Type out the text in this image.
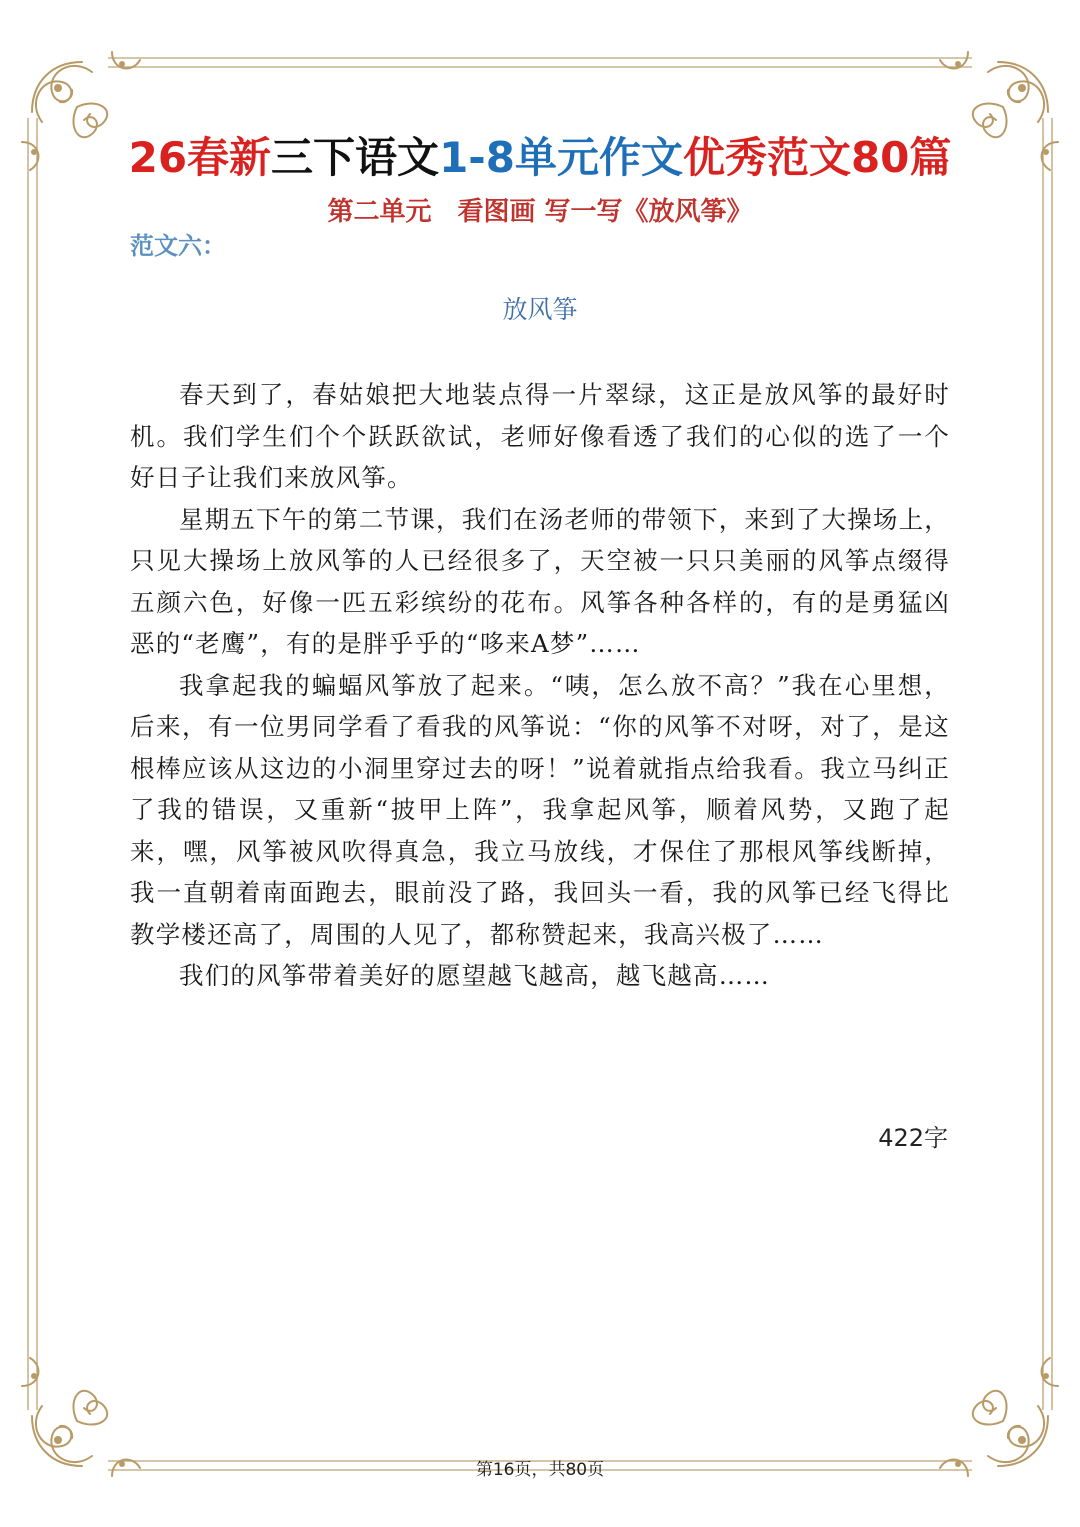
26春新三下语文1-8单元作文优秀范文80篇
第二单元　看图画 写一写《放风筝》
范文六：
放风筝

春天到了，春姑娘把大地装点得一片翠绿，这正是放风筝的最好时机。我们学生们个个跃跃欲试，老师好像看透了我们的心似的选了一个好日子让我们来放风筝。

星期五下午的第二节课，我们在汤老师的带领下，来到了大操场上，只见大操场上放风筝的人已经很多了，天空被一只只美丽的风筝点缀得五颜六色，好像一匹五彩缤纷的花布。风筝各种各样的，有的是勇猛凶恶的“老鹰”，有的是胖乎乎的“哆来A梦”……

我拿起我的蝙蝠风筝放了起来。“咦，怎么放不高？”我在心里想，后来，有一位男同学看了看我的风筝说：“你的风筝不对呀，对了，是这根棒应该从这边的小洞里穿过去的呀！”说着就指点给我看。我立马纠正了我的错误，又重新“披甲上阵”，我拿起风筝，顺着风势，又跑了起来，嘿，风筝被风吹得真急，我立马放线，才保住了那根风筝线断掉，我一直朝着南面跑去，眼前没了路，我回头一看，我的风筝已经飞得比教学楼还高了，周围的人见了，都称赞起来，我高兴极了……

我们的风筝带着美好的愿望越飞越高，越飞越高……

422字
第16页，共80页
